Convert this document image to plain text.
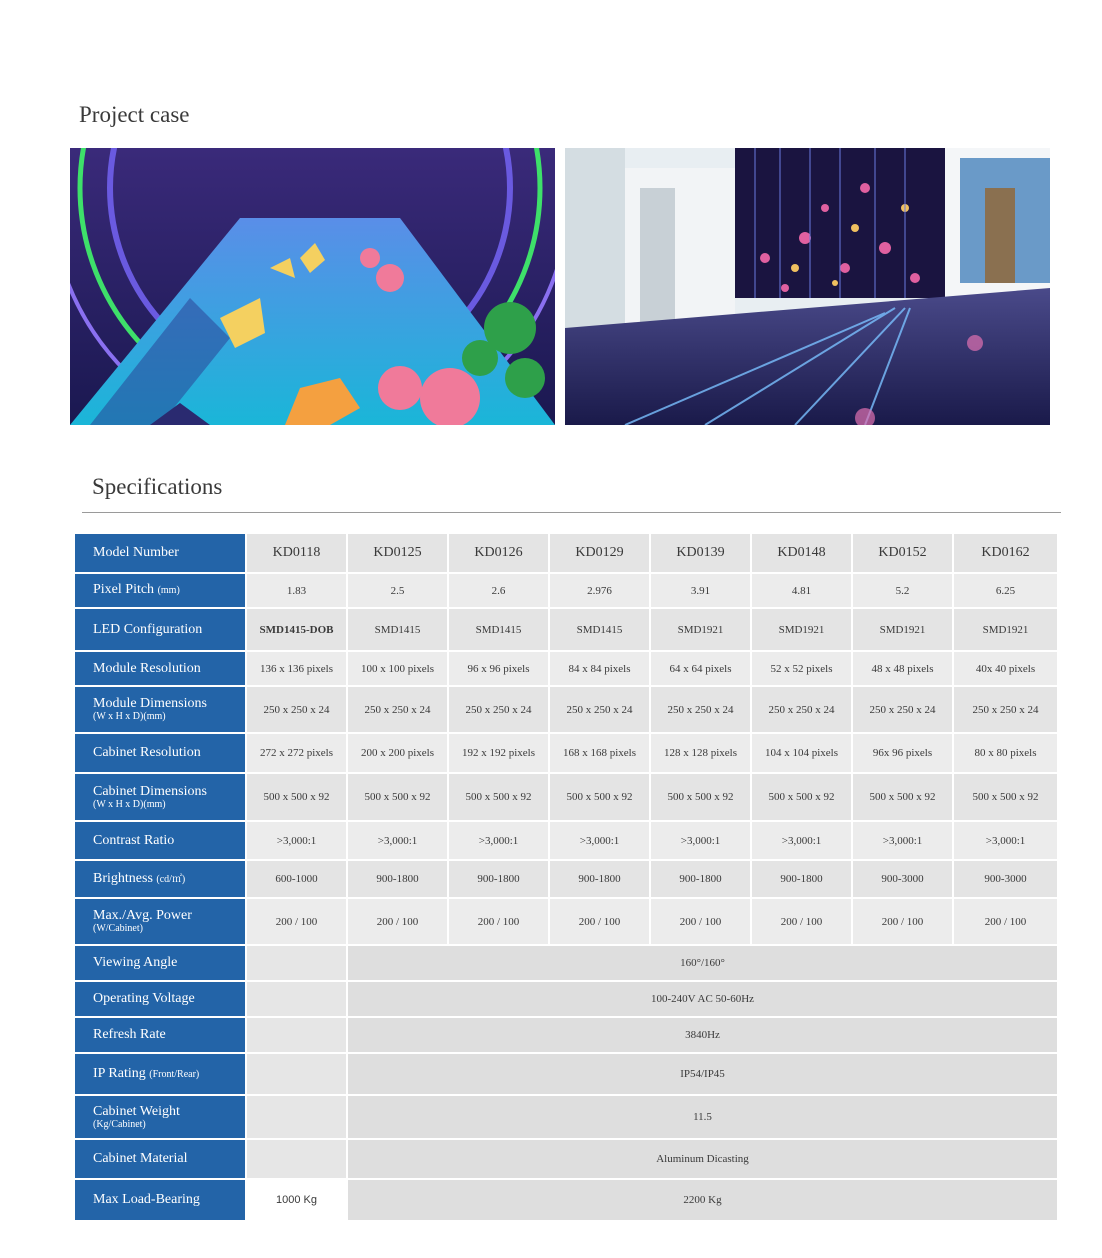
Project case
Specifications
Model Number	KD0118	KD0125	KD0126	KD0129	KD0139	KD0148	KD0152	KD0162
Pixel Pitch (mm)	1.83	2.5	2.6	2.976	3.91	4.81	5.2	6.25
LED Configuration	SMD1415-DOB	SMD1415	SMD1415	SMD1415	SMD1921	SMD1921	SMD1921	SMD1921
Module Resolution	136 x 136 pixels	100 x 100 pixels	96 x 96 pixels	84 x 84 pixels	64 x 64 pixels	52 x 52 pixels	48 x 48 pixels	40x 40 pixels
Module Dimensions
(W x H x D)(mm)	250 x 250 x 24	250 x 250 x 24	250 x 250 x 24	250 x 250 x 24	250 x 250 x 24	250 x 250 x 24	250 x 250 x 24	250 x 250 x 24
Cabinet Resolution	272 x 272 pixels	200 x 200 pixels	192 x 192 pixels	168 x 168 pixels	128 x 128 pixels	104 x 104 pixels	96x 96 pixels	80 x 80 pixels
Cabinet Dimensions
(W x H x D)(mm)	500 x 500 x 92	500 x 500 x 92	500 x 500 x 92	500 x 500 x 92	500 x 500 x 92	500 x 500 x 92	500 x 500 x 92	500 x 500 x 92
Contrast Ratio	>3,000:1	>3,000:1	>3,000:1	>3,000:1	>3,000:1	>3,000:1	>3,000:1	>3,000:1
Brightness (cd/㎡)	600-1000	900-1800	900-1800	900-1800	900-1800	900-1800	900-3000	900-3000
Max./Avg. Power
(W/Cabinet)	200 / 100	200 / 100	200 / 100	200 / 100	200 / 100	200 / 100	200 / 100	200 / 100
Viewing Angle		160°/160°						
Operating Voltage		100-240V AC 50-60Hz						
Refresh Rate		3840Hz						
IP Rating (Front/Rear)		IP54/IP45						
Cabinet Weight
(Kg/Cabinet)		11.5						
Cabinet Material		Aluminum Dicasting						
Max Load-Bearing	1000 Kg	2200 Kg						
